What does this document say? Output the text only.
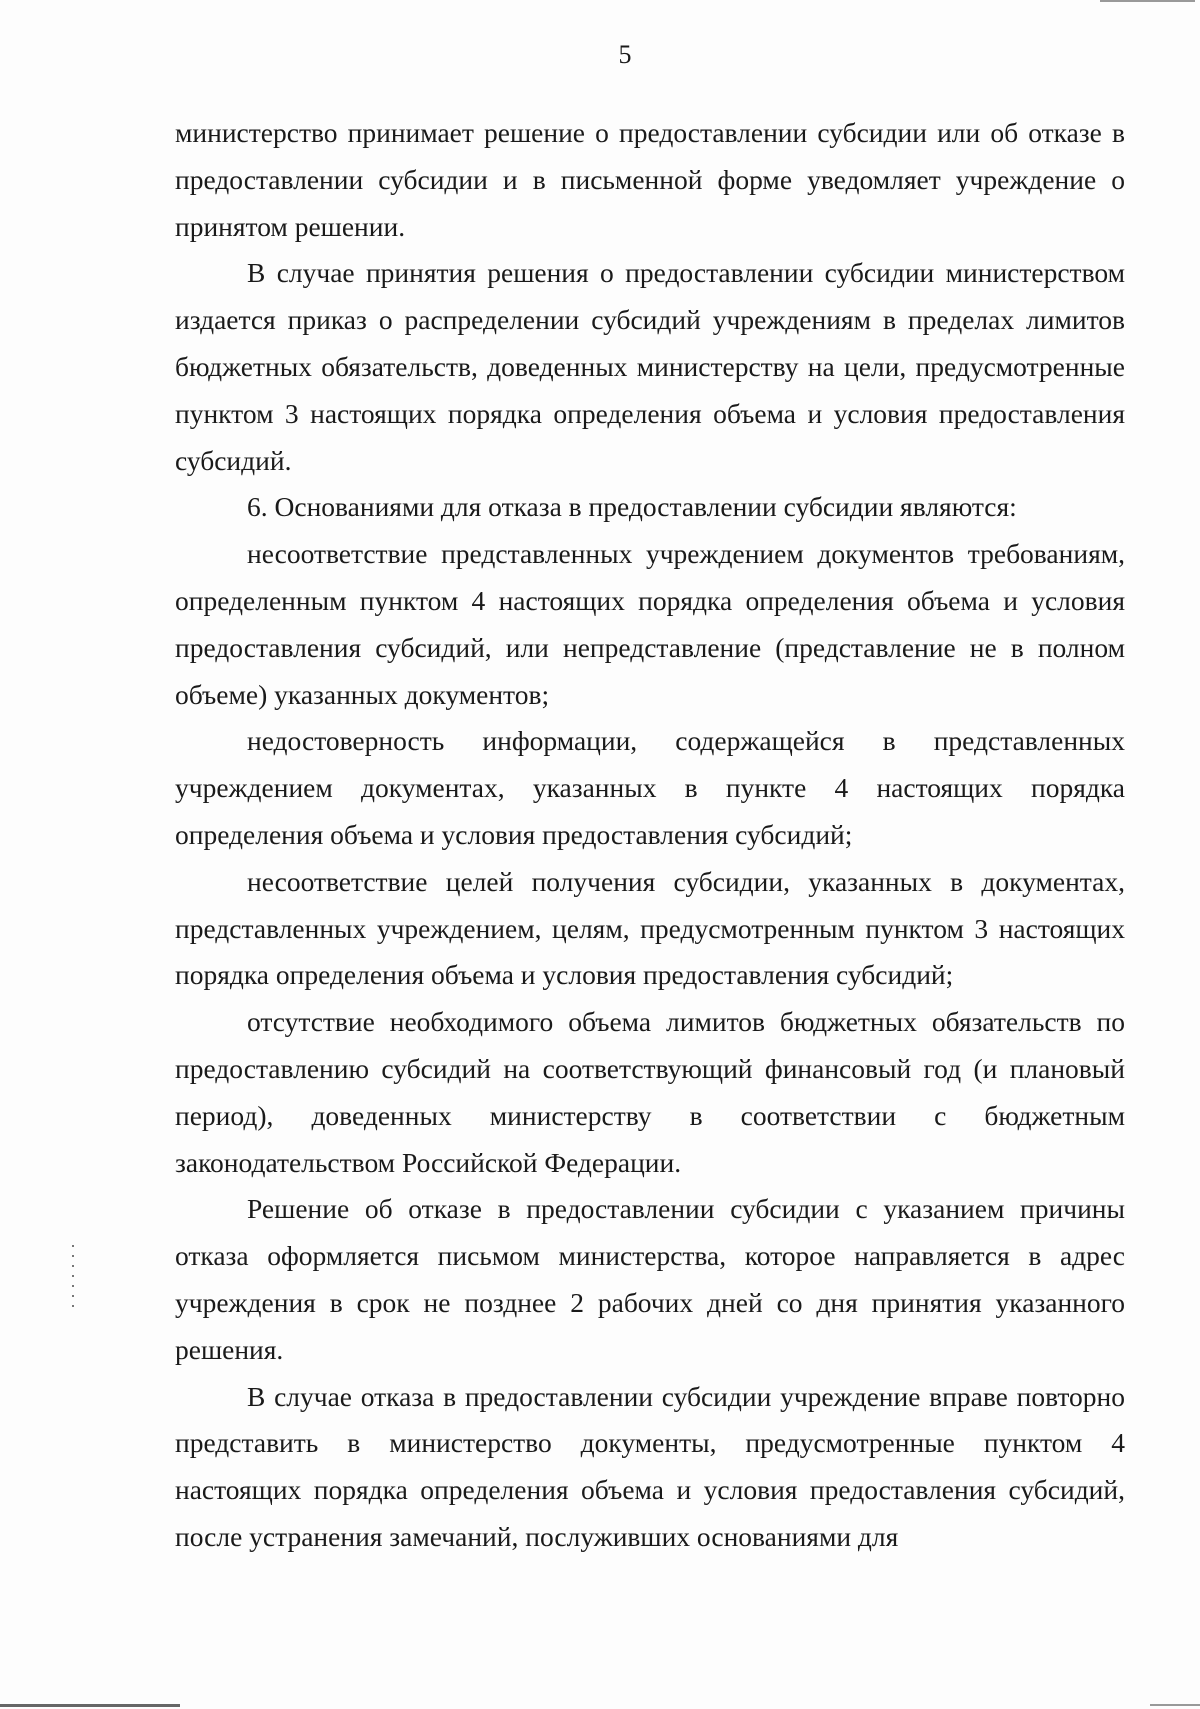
5

министерство принимает решение о предоставлении субсидии или об отказе в предоставлении субсидии и в письменной форме уведомляет учреждение о принятом решении.

В случае принятия решения о предоставлении субсидии министерством издается приказ о распределении субсидий учреждениям в пределах лимитов бюджетных обязательств, доведенных министерству на цели, предусмотренные пунктом 3 настоящих порядка определения объема и условия предоставления субсидий.

6. Основаниями для отказа в предоставлении субсидии являются:

несоответствие представленных учреждением документов требованиям, определенным пунктом 4 настоящих порядка определения объема и условия предоставления субсидий, или непредставление (представление не в полном объеме) указанных документов;

недостоверность информации, содержащейся в представленных учреждением документах, указанных в пункте 4 настоящих порядка определения объема и условия предоставления субсидий;

несоответствие целей получения субсидии, указанных в документах, представленных учреждением, целям, предусмотренным пунктом 3 настоящих порядка определения объема и условия предоставления субсидий;

отсутствие необходимого объема лимитов бюджетных обязательств по предоставлению субсидий на соответствующий финансовый год (и плановый период), доведенных министерству в соответствии с бюджетным законодательством Российской Федерации.

Решение об отказе в предоставлении субсидии с указанием причины отказа оформляется письмом министерства, которое направляется в адрес учреждения в срок не позднее 2 рабочих дней со дня принятия указанного решения.

В случае отказа в предоставлении субсидии учреждение вправе повторно представить в министерство документы, предусмотренные пунктом 4 настоящих порядка определения объема и условия предоставления субсидий, после устранения замечаний, послуживших основаниями для
